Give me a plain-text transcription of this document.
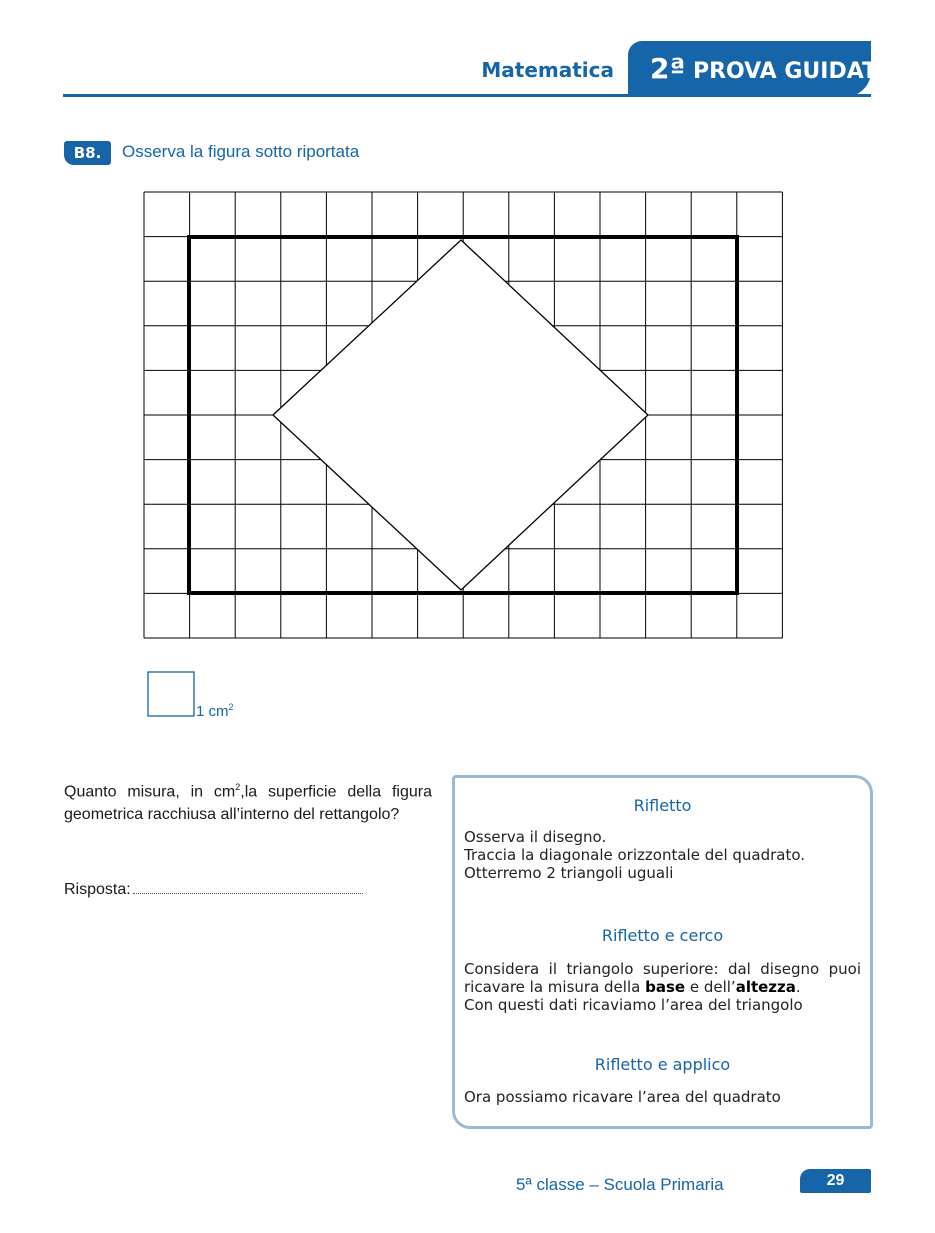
Matematica 2ª PROVA GUIDATA
B8.	Osserva la figura sotto riportata
1 $cm^2$
Quanto misura, in $cm^2,la$ superficie della figura geometrica racchiusa all’interno del rettangolo?
Risposta:
Rifletto
Osserva il disegno.
Traccia la diagonale orizzontale del quadrato.
Otterremo 2 triangoli uguali
Rifletto e cerco
Considera il triangolo superiore: dal disegno puoi ricavare la misura della base e dell’altezza.
Con questi dati ricaviamo l’area del triangolo
Rifletto e applico
Ora possiamo ricavare l’area del quadrato
5ª classe – Scuola Primaria	29
